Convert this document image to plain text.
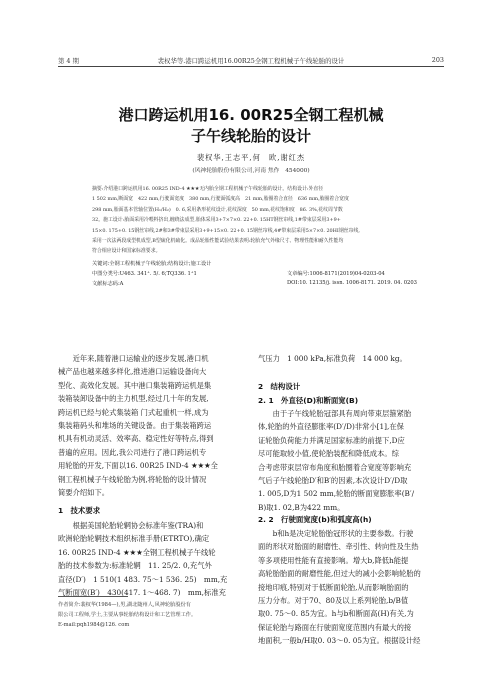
第 4 期	裴权华等.港口跨运机用16.00R25全钢工程机械子午线轮胎的设计	203
港口跨运机用16. 00R25全钢工程机械
子午线轮胎的设计
裴权华,王志平,何　欧,谢红杰
(风神轮胎股份有限公司,河南 焦作　454000)
摘要:介绍港口跨运机用16. 00R25 IND-4 ★★★无内胎全钢工程机械子午线轮胎的设计。结构设计:外直径
1 502 mm,断面宽　422 mm,行驶面宽度　380 mm,行驶面弧度高　21 mm,胎圈着合直径　636 mm,胎圈着合宽度
298 mm,胎面基本管轴位置(H₁/H₂)　0. 6,采用条形花纹设计,花纹深度　50 mm,花纹饱和度　86. 3%,花纹周节数
32。施工设计:胎面采用冷喂料挤出,缠绕法成型,胎体采用3+7×7×0. 22+0. 15HT钢丝帘线,1#带束层采用3+9+
15×0. 175+0. 15钢丝帘线,2#和3#带束层采用3+9+15×0. 22+0. 15钢丝帘线,4#带束层采用5×7×0. 20HI钢丝帘线,
采用一次法两段成型机成型,B型硫化机硫化。成品轮胎性能试验结果表明:轮胎充气外缘尺寸、物理性能和耐久性能均
符合相应设计和国家标准要求。
关键词:全钢工程机械子午线轮胎;结构设计;施工设计
中图分类号:U463. 341⁺. 5/. 6;TQ336. 1⁺1	文章编号:1006-8171(2019)04-0203-04
文献标志码:A	DOI:10. 12135/j. issn. 1006-8171. 2019. 04. 0203
　　近年来,随着港口运输业的逐步发展,港口机
械产品也越来越多样化,推进港口运输设备向大
型化、高效化发展。其中港口集装箱跨运机是集
装箱装卸设备中的主力机型,经过几十年的发展,
跨运机已经与轮式集装箱 门式起重机一样,成为
集装箱码头和堆场的关键设备。由于集装箱跨运
机具有机动灵活、效率高、稳定性好等特点,得到
普遍的应用。因此,我公司进行了港口跨运机专
用轮胎的开发,下面以16. 00R25 IND-4 ★★★全
钢工程机械子午线轮胎为例,将轮胎的设计情况
简要介绍如下。
1　技术要求
　　根据美国轮胎轮辋协会标准年鉴(TRA)和
欧洲轮胎轮辋技术组织标准手册(ETRTO),确定
16. 00R25 IND-4 ★★★全钢工程机械子午线轮
胎的技术参数为:标准轮辋　11. 25/2. 0,充气外
直径(D′)　1 510(1 483. 75～1 536. 25)　mm,充
气断面宽(B′)　430(417. 1～468. 7)　mm,标准充
作者简介:裴权华(1984—),男,湖北随州人,风神轮胎股份有
限公司工程师,学士,主要从事轮胎结构设计和工艺管理工作。
E-mail:pqh1984@126. com
气压力　1 000 kPa,标准负荷　14 000 kg。
2　结构设计
2. 1　外直径(D)和断面宽(B)
　　由于子午线轮胎冠部具有周向带束层箍紧胎
体,轮胎的外直径膨胀率(D′/D)非常小[1],在保
证轮胎负荷能力并满足国家标准的前提下,D应
尽可能取较小值,使轮胎装配和降低成本。综
合考虑带束层帘布角度和胎圈着合宽度等影响充
气后子午线轮胎D′和B′的因素,本次设计D′/D取
1. 005,D为1 502 mm,轮胎的断面宽膨胀率(B′/
B)取1. 02,B为422 mm。
2. 2　行驶面宽度(b)和弧度高(h)
　　b和h是决定轮胎胎冠形状的主要参数。行驶
面的形状对胎面的耐磨性、牵引性、转向性及生热
等多项使用性能有直接影响。增大b,降低h能提
高轮胎胎面的耐磨性能,但过大的减小会影响轮胎的
接地印痕,特别对于低断面轮胎,从而影响胎面的
压力分布。对于70、80及以上系列轮胎,b/B值
取0. 75～0. 85为宜。h与b和断面高(H)有关,为
保证轮胎与路面在行驶面宽度范围内有最大的接
地面积,一般b/H取0. 03～0. 05为宜。根据设计经
